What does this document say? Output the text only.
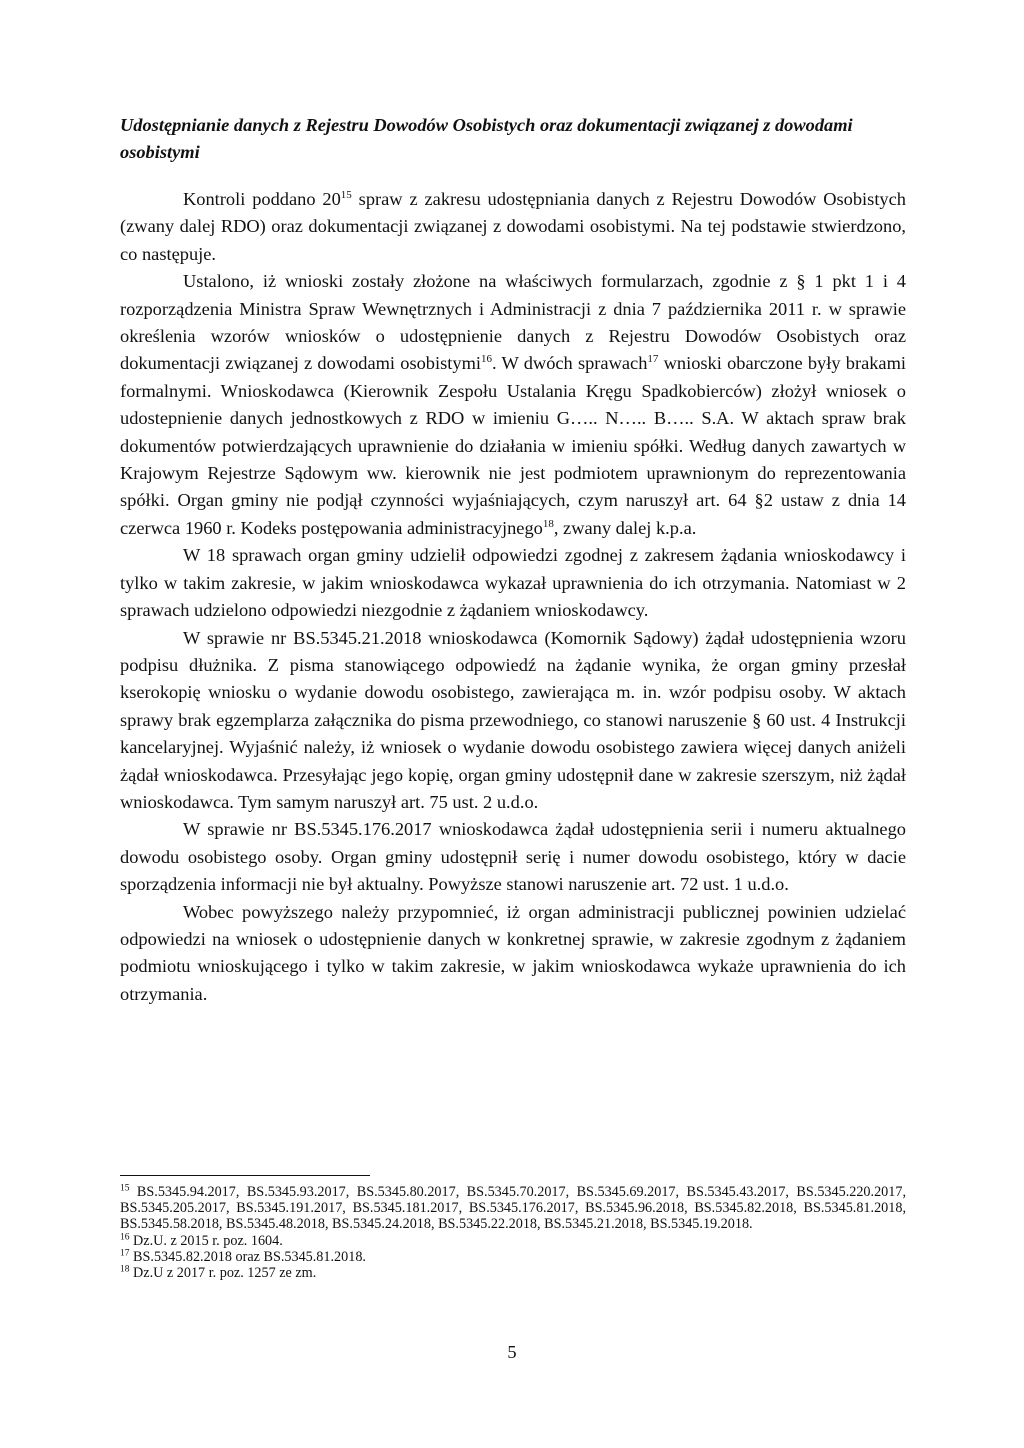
Udostępnianie danych z Rejestru Dowodów Osobistych oraz dokumentacji związanej z dowodami osobistymi

Kontroli poddano $20^{15}$ spraw z zakresu udostępniania danych z Rejestru Dowodów Osobistych (zwany dalej RDO) oraz dokumentacji związanej z dowodami osobistymi. Na tej podstawie stwierdzono, co następuje.

Ustalono, iż wnioski zostały złożone na właściwych formularzach, zgodnie z § 1 pkt 1 i 4 rozporządzenia Ministra Spraw Wewnętrznych i Administracji z dnia 7 października 2011 r. w sprawie określenia wzorów wniosków o udostępnienie danych z Rejestru Dowodów Osobistych oraz dokumentacji związanej z dowodami osobistymi$^{16}$. W dwóch sprawach$^{17}$ wnioski obarczone były brakami formalnymi. Wnioskodawca (Kierownik Zespołu Ustalania Kręgu Spadkobierców) złożył wniosek o udostepnienie danych jednostkowych z RDO w imieniu G….. N….. B….. S.A. W aktach spraw brak dokumentów potwierdzających uprawnienie do działania w imieniu spółki. Według danych zawartych w Krajowym Rejestrze Sądowym ww. kierownik nie jest podmiotem uprawnionym do reprezentowania spółki. Organ gminy nie podjął czynności wyjaśniających, czym naruszył art. 64 §2 ustaw z dnia 14 czerwca 1960 r. Kodeks postępowania administracyjnego$^{18}$, zwany dalej k.p.a.

W 18 sprawach organ gminy udzielił odpowiedzi zgodnej z zakresem żądania wnioskodawcy i tylko w takim zakresie, w jakim wnioskodawca wykazał uprawnienia do ich otrzymania. Natomiast w 2 sprawach udzielono odpowiedzi niezgodnie z żądaniem wnioskodawcy.

W sprawie nr BS.5345.21.2018 wnioskodawca (Komornik Sądowy) żądał udostępnienia wzoru podpisu dłużnika. Z pisma stanowiącego odpowiedź na żądanie wynika, że organ gminy przesłał kserokopię wniosku o wydanie dowodu osobistego, zawierająca m. in. wzór podpisu osoby. W aktach sprawy brak egzemplarza załącznika do pisma przewodniego, co stanowi naruszenie § 60 ust. 4 Instrukcji kancelaryjnej. Wyjaśnić należy, iż wniosek o wydanie dowodu osobistego zawiera więcej danych aniżeli żądał wnioskodawca. Przesyłając jego kopię, organ gminy udostępnił dane w zakresie szerszym, niż żądał wnioskodawca. Tym samym naruszył art. 75 ust. 2 u.d.o.

W sprawie nr BS.5345.176.2017 wnioskodawca żądał udostępnienia serii i numeru aktualnego dowodu osobistego osoby. Organ gminy udostępnił serię i numer dowodu osobistego, który w dacie sporządzenia informacji nie był aktualny. Powyższe stanowi naruszenie art. 72 ust. 1 u.d.o.

Wobec powyższego należy przypomnieć, iż organ administracji publicznej powinien udzielać odpowiedzi na wniosek o udostępnienie danych w konkretnej sprawie, w zakresie zgodnym z żądaniem podmiotu wnioskującego i tylko w takim zakresie, w jakim wnioskodawca wykaże uprawnienia do ich otrzymania.

$^{15}$ BS.5345.94.2017, BS.5345.93.2017, BS.5345.80.2017, BS.5345.70.2017, BS.5345.69.2017, BS.5345.43.2017, BS.5345.220.2017, BS.5345.205.2017, BS.5345.191.2017, BS.5345.181.2017, BS.5345.176.2017, BS.5345.96.2018, BS.5345.82.2018, BS.5345.81.2018, BS.5345.58.2018, BS.5345.48.2018, BS.5345.24.2018, BS.5345.22.2018, BS.5345.21.2018, BS.5345.19.2018.

$^{16}$ Dz.U. z 2015 r. poz. 1604.

$^{17}$ BS.5345.82.2018 oraz BS.5345.81.2018.

$^{18}$ Dz.U z 2017 r. poz. 1257 ze zm.

5
